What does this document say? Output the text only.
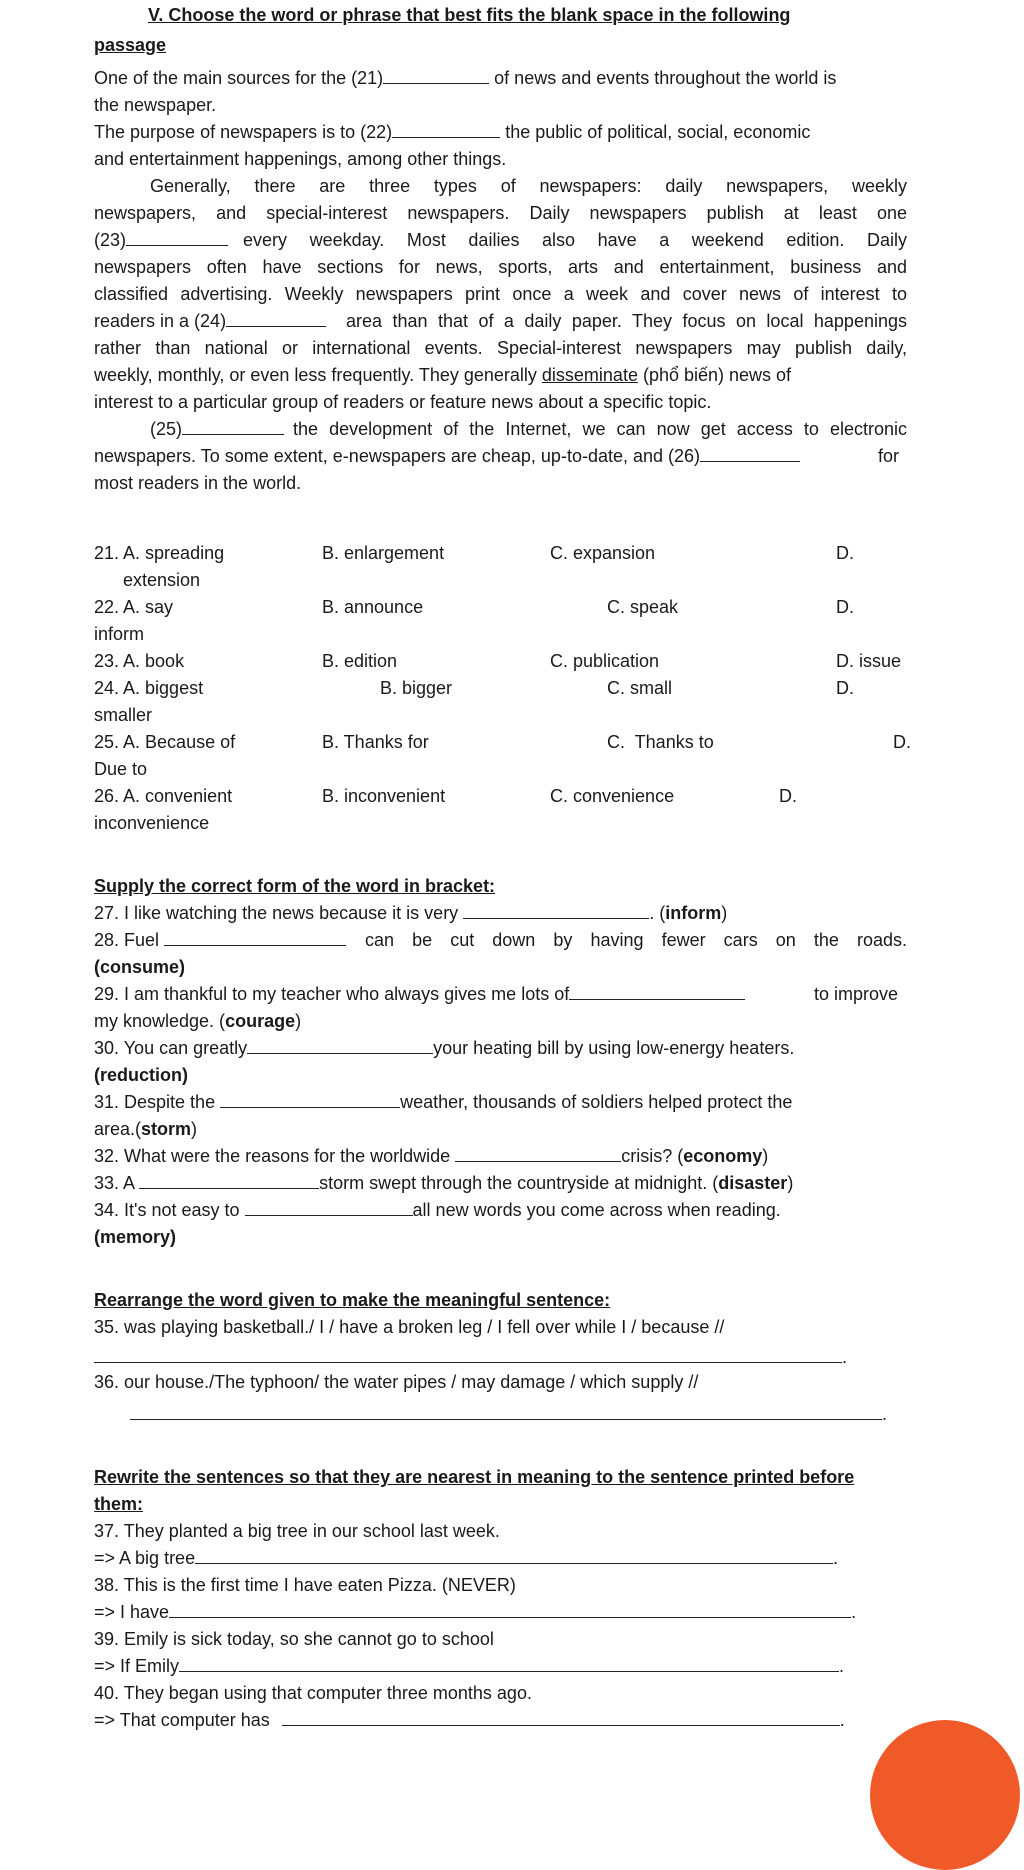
V. Choose the word or phrase that best fits the blank space in the following
passage
One of the main sources for the (21)	of news and events throughout the world is
the newspaper.
The purpose of newspapers is to (22)	the public of political, social, economic
and entertainment happenings, among other things.
Generally, there are three types of newspapers: daily newspapers, weekly
newspapers, and special-interest newspapers. Daily newspapers publish at least one
(23)	every weekday. Most dailies also have a weekend edition. Daily
newspapers often have sections for news, sports, arts and entertainment, business and
classified advertising. Weekly newspapers print once a week and cover news of interest to
readers in a (24)	area than that of a daily paper. They focus on local happenings
rather than national or international events. Special-interest newspapers may publish daily,
weekly, monthly, or even less frequently. They generally disseminate (phổ biến) news of
interest to a particular group of readers or feature news about a specific topic.
(25)	the development of the Internet, we can now get access to electronic
newspapers. To some extent, e-newspapers are cheap, up-to-date, and (26)	for
most readers in the world.
21. A. spreading	B. enlargement	C. expansion	D.
extension
22. A. say	B. announce	C. speak	D.
inform
23. A. book	B. edition	C. publication	D. issue
24. A. biggest	B. bigger	C. small	D.
smaller
25. A. Because of	B. Thanks for	C.  Thanks to	D.
Due to
26. A. convenient	B. inconvenient	C. convenience	D.
inconvenience
Supply the correct form of the word in bracket:
27. I like watching the news because it is very	. (inform)
28. Fuel	can be cut down by having fewer cars on the roads.
(consume)
29. I am thankful to my teacher who always gives me lots of	to improve
my knowledge. (courage)
30. You can greatly	your heating bill by using low-energy heaters.
(reduction)
31. Despite the	weather, thousands of soldiers helped protect the
area.(storm)
32. What were the reasons for the worldwide	crisis? (economy)
33. A	storm swept through the countryside at midnight. (disaster)
34. It's not easy to	all new words you come across when reading.
(memory)
Rearrange the word given to make the meaningful sentence:
35. was playing basketball./ I / have a broken leg / I fell over while I / because //
.
36. our house./The typhoon/ the water pipes / may damage / which supply //
.
Rewrite the sentences so that they are nearest in meaning to the sentence printed before
them:
37. They planted a big tree in our school last week.
=> A big tree	.
38. This is the first time I have eaten Pizza. (NEVER)
=> I have	.
39. Emily is sick today, so she cannot go to school
=> If Emily	.
40. They began using that computer three months ago.
=> That computer has	.
